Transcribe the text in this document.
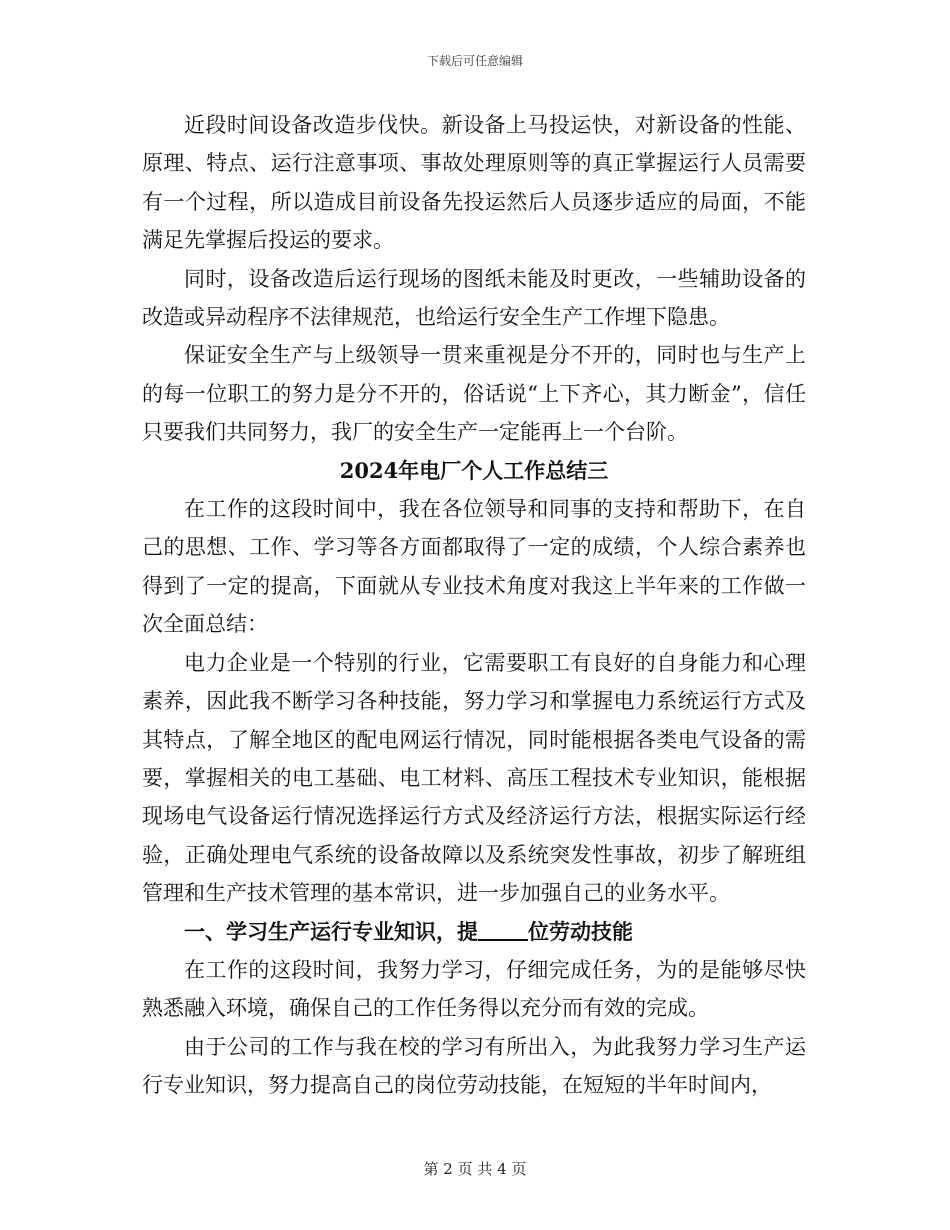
下载后可任意编辑

近段时间设备改造步伐快。新设备上马投运快，对新设备的性能、原理、特点、运行注意事项、事故处理原则等的真正掌握运行人员需要有一个过程，所以造成目前设备先投运然后人员逐步适应的局面，不能满足先掌握后投运的要求。

同时，设备改造后运行现场的图纸未能及时更改，一些辅助设备的改造或异动程序不法律规范，也给运行安全生产工作埋下隐患。

保证安全生产与上级领导一贯来重视是分不开的，同时也与生产上的每一位职工的努力是分不开的，俗话说“上下齐心，其力断金”，信任只要我们共同努力，我厂的安全生产一定能再上一个台阶。

2024年电厂个人工作总结三

在工作的这段时间中，我在各位领导和同事的支持和帮助下，在自己的思想、工作、学习等各方面都取得了一定的成绩，个人综合素养也得到了一定的提高，下面就从专业技术角度对我这上半年来的工作做一次全面总结：

电力企业是一个特别的行业，它需要职工有良好的自身能力和心理素养，因此我不断学习各种技能，努力学习和掌握电力系统运行方式及其特点，了解全地区的配电网运行情况，同时能根据各类电气设备的需要，掌握相关的电工基础、电工材料、高压工程技术专业知识，能根据现场电气设备运行情况选择运行方式及经济运行方法，根据实际运行经验，正确处理电气系统的设备故障以及系统突发性事故，初步了解班组管理和生产技术管理的基本常识，进一步加强自己的业务水平。

一、学习生产运行专业知识，提 位劳动技能

在工作的这段时间，我努力学习，仔细完成任务，为的是能够尽快熟悉融入环境，确保自己的工作任务得以充分而有效的完成。

由于公司的工作与我在校的学习有所出入，为此我努力学习生产运行专业知识，努力提高自己的岗位劳动技能，在短短的半年时间内，

第 2 页 共 4 页
